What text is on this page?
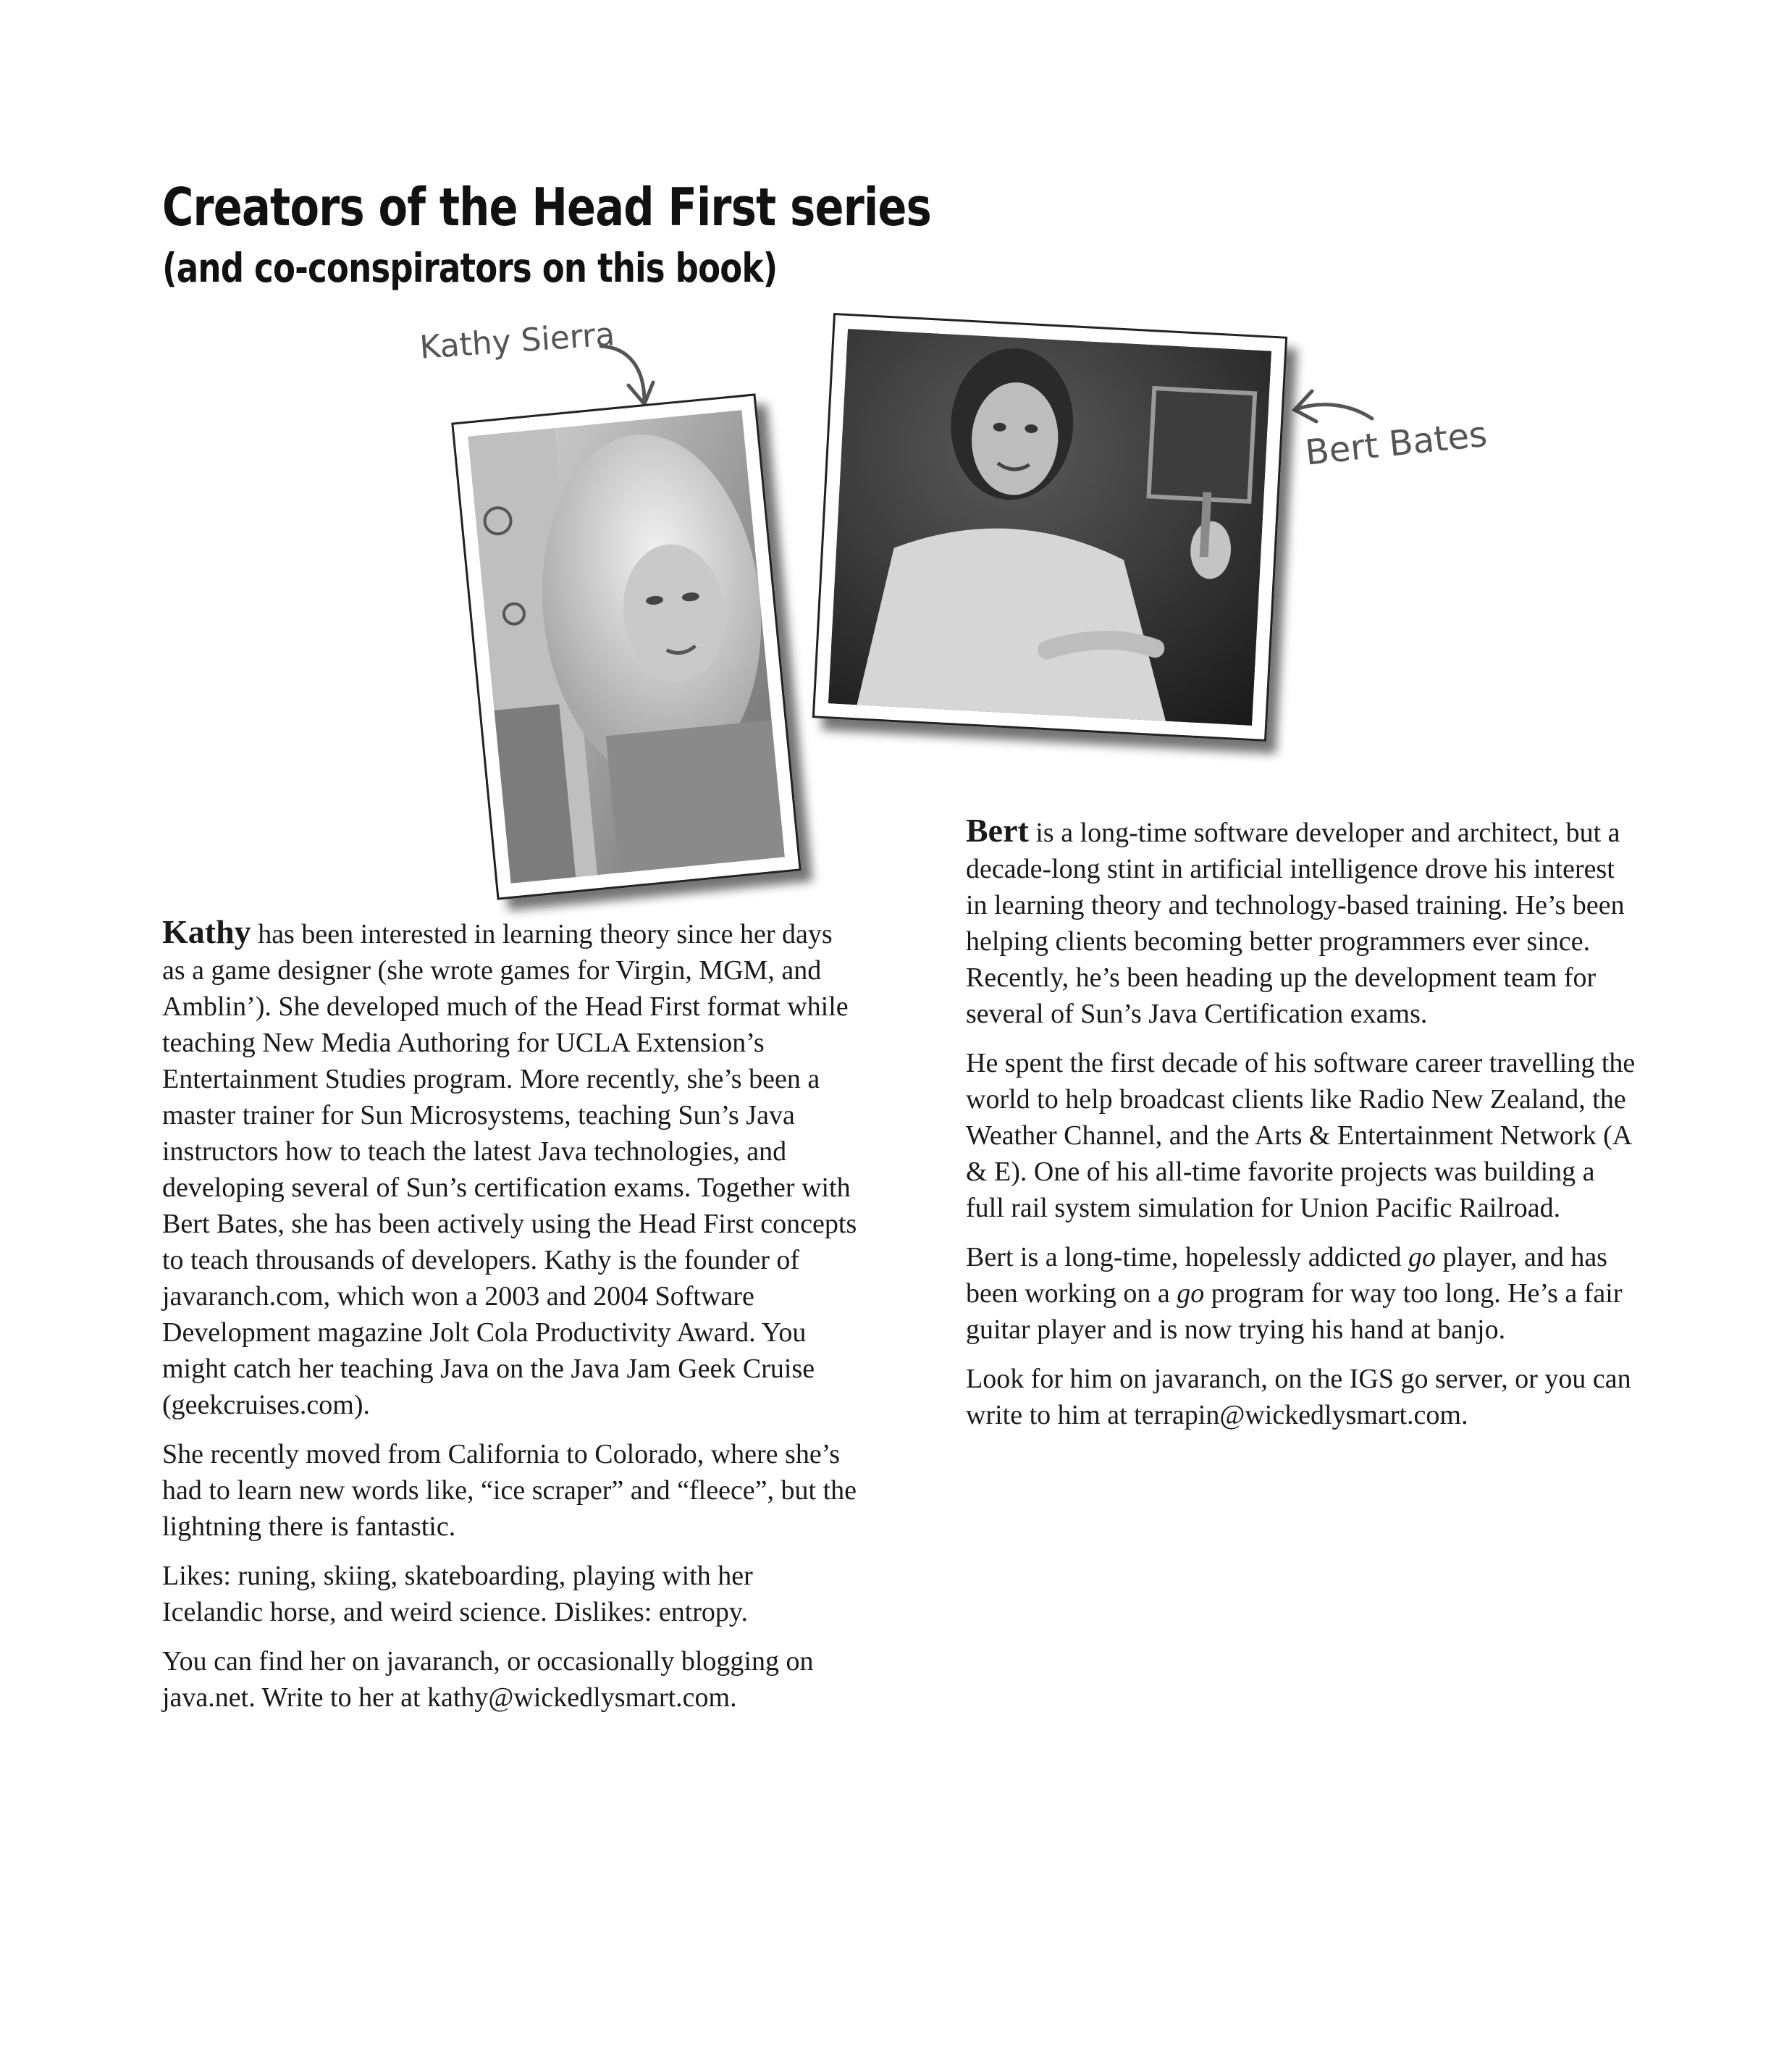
Creators of the Head First series
(and co-conspirators on this book)
Kathy Sierra
Bert Bates

Kathy has been interested in learning theory since her days as a game designer (she wrote games for Virgin, MGM, and Amblin’). She developed much of the Head First format while teaching New Media Authoring for UCLA Extension’s Entertainment Studies program. More recently, she’s been a master trainer for Sun Microsystems, teaching Sun’s Java instructors how to teach the latest Java technologies, and developing several of Sun’s certification exams. Together with Bert Bates, she has been actively using the Head First concepts to teach throusands of developers. Kathy is the founder of javaranch.com, which won a 2003 and 2004 Software Development magazine Jolt Cola Productivity Award. You might catch her teaching Java on the Java Jam Geek Cruise (geekcruises.com).

She recently moved from California to Colorado, where she’s had to learn new words like, “ice scraper” and “fleece”, but the lightning there is fantastic.

Likes: runing, skiing, skateboarding, playing with her Icelandic horse, and weird science. Dislikes: entropy.

You can find her on javaranch, or occasionally blogging on java.net. Write to her at kathy@wickedlysmart.com.

Bert is a long-time software developer and architect, but a decade-long stint in artificial intelligence drove his interest in learning theory and technology-based training. He’s been helping clients becoming better programmers ever since. Recently, he’s been heading up the development team for several of Sun’s Java Certification exams.

He spent the first decade of his software career travelling the world to help broadcast clients like Radio New Zealand, the Weather Channel, and the Arts & Entertainment Network (A & E). One of his all-time favorite projects was building a full rail system simulation for Union Pacific Railroad.

Bert is a long-time, hopelessly addicted go player, and has been working on a go program for way too long. He’s a fair guitar player and is now trying his hand at banjo.

Look for him on javaranch, on the IGS go server, or you can write to him at terrapin@wickedlysmart.com.
